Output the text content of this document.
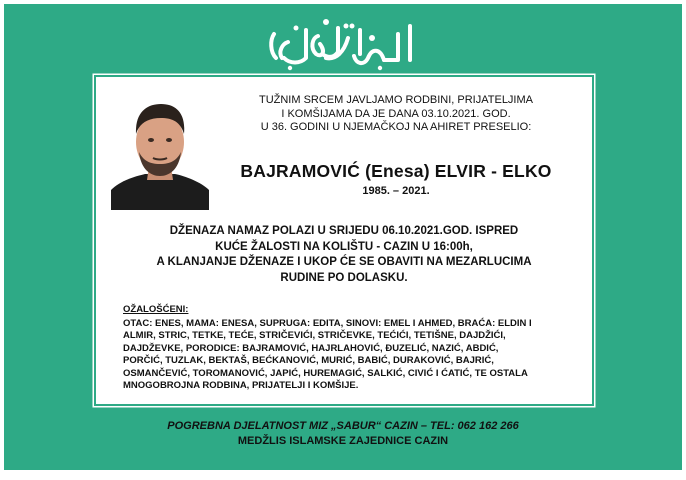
TUŽNIM SRCEM JAVLJAMO RODBINI, PRIJATELJIMA
I KOMŠIJAMA DA JE DANA 03.10.2021. GOD.
U 36. GODINI U NJEMAČKOJ NA AHIRET PRESELIO:
BAJRAMOVIĆ (Enesa) ELVIR - ELKO
1985. – 2021.
DŽENAZA NAMAZ POLAZI U SRIJEDU 06.10.2021.GOD. ISPRED
KUĆE ŽALOSTI NA KOLIŠTU - CAZIN U 16:00h,
A KLANJANJE DŽENAZE I UKOP ĆE SE OBAVITI NA MEZARLUCIMA
RUDINE PO DOLASKU.
OŽALOŠĆENI:
OTAC: ENES, MAMA: ENESA, SUPRUGA: EDITA, SINOVI: EMEL I AHMED, BRAĆA: ELDIN I
ALMIR, STRIC, TETKE, TEĆE, STRIČEVIĆI, STRIČEVKE, TEĆIĆI, TETIŠNE, DAJDŽIĆI,
DAJDŽEVKE, PORODICE: BAJRAMOVIĆ, HAJRLAHOVIĆ, ĐUZELIĆ, NAZIĆ, ABDIĆ,
PORČIĆ, TUZLAK, BEKTAŠ, BEĆKANOVIĆ, MURIĆ, BABIĆ, DURAKOVIĆ, BAJRIĆ,
OSMANČEVIĆ, TOROMANOVIĆ, JAPIĆ, HUREMAGIĆ, SALKIĆ, CIVIĆ I ĆATIĆ, TE OSTALA
MNOGOBROJNA RODBINA, PRIJATELJI I KOMŠIJE.
POGREBNA DJELATNOST MIZ „SABUR“ CAZIN – TEL: 062 162 266
MEDŽLIS ISLAMSKE ZAJEDNICE CAZIN
